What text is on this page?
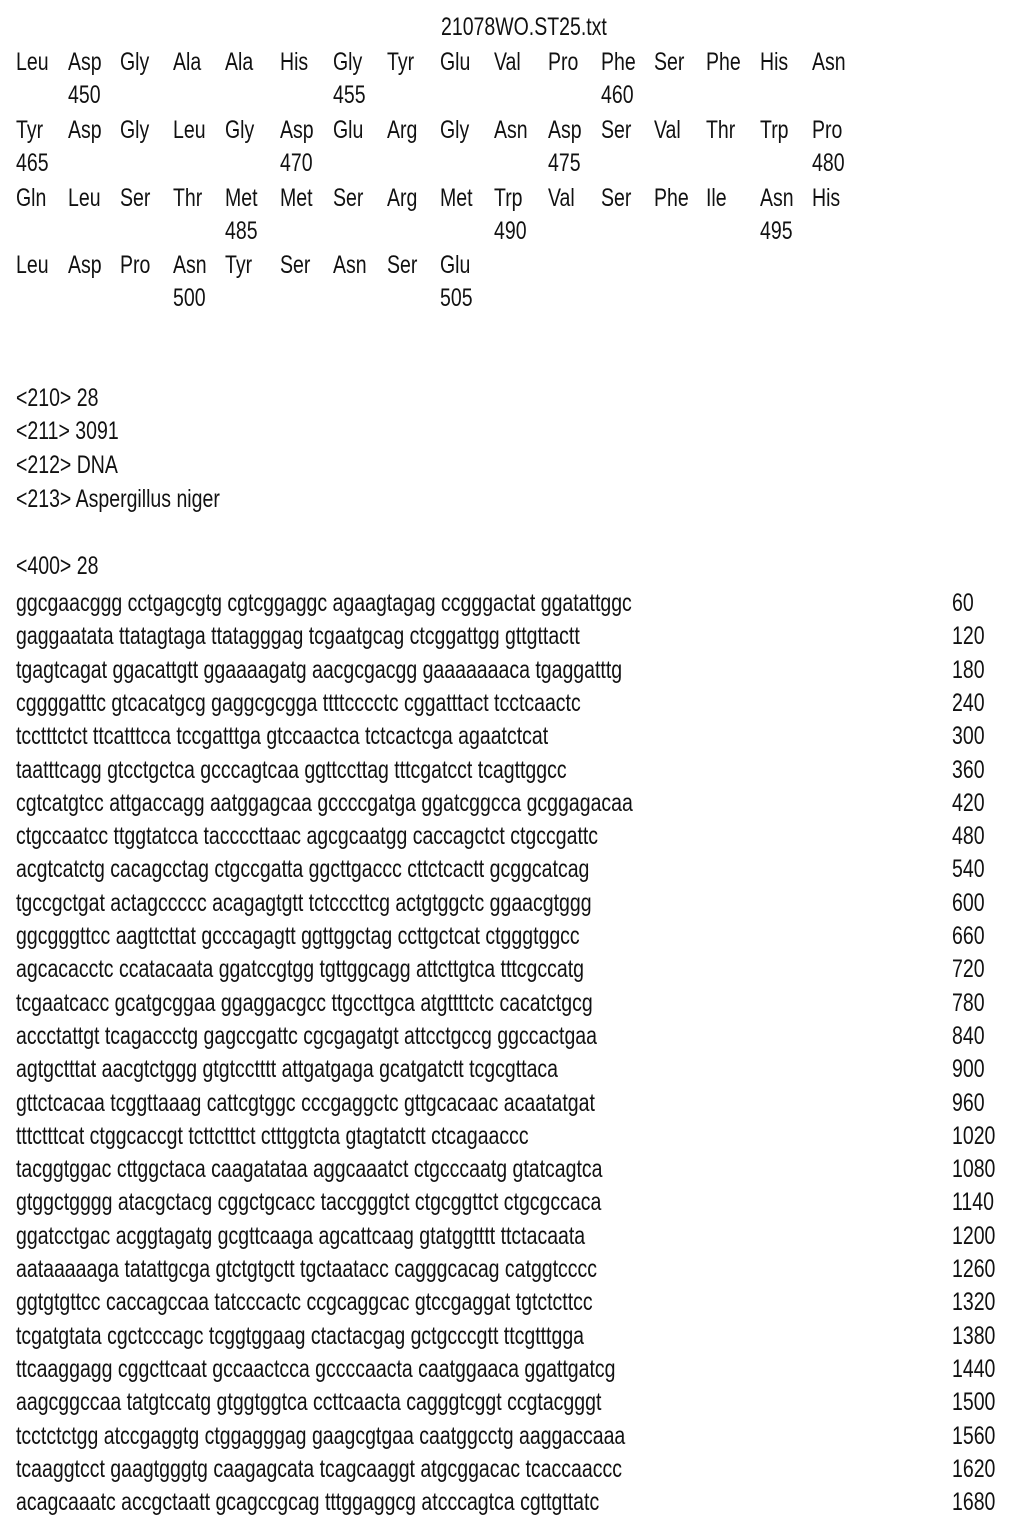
21078WO.ST25.txt
Leu Asp Gly Ala Ala His Gly Tyr Glu Val Pro Phe Ser Phe His Asn
450	455	460
Tyr Asp Gly Leu Gly Asp Glu Arg Gly Asn Asp Ser Val Thr Trp Pro
465	470	475	480
Gln Leu Ser Thr Met Met Ser Arg Met Trp Val Ser Phe Ile Asn His
485	490	495
Leu Asp Pro Asn Tyr Ser Asn Ser Glu
500	505
<210> 28
<211> 3091
<212> DNA
<213> Aspergillus niger
<400> 28
ggcgaacggg cctgagcgtg cgtcggaggc agaagtagag ccgggactat ggatattggc	60
gaggaatata ttatagtaga ttatagggag tcgaatgcag ctcggattgg gttgttactt	120
tgagtcagat ggacattgtt ggaaaagatg aacgcgacgg gaaaaaaaca tgaggatttg	180
cggggatttc gtcacatgcg gaggcgcgga ttttcccctc cggatttact tcctcaactc	240
tcctttctct ttcatttcca tccgatttga gtccaactca tctcactcga agaatctcat	300
taatttcagg gtcctgctca gcccagtcaa ggttccttag tttcgatcct tcagttggcc	360
cgtcatgtcc attgaccagg aatggagcaa gccccgatga ggatcggcca gcggagacaa	420
ctgccaatcc ttggtatcca taccccttaac agcgcaatgg caccagctct ctgccgattc	480
acgtcatctg cacagcctag ctgccgatta ggcttgaccc cttctcactt gcggcatcag	540
tgccgctgat actagccccc acagagtgtt tctcccttcg actgtggctc ggaacgtggg	600
ggcgggttcc aagttcttat gcccagagtt ggttggctag ccttgctcat ctgggtggcc	660
agcacacctc ccatacaata ggatccgtgg tgttggcagg attcttgtca tttcgccatg	720
tcgaatcacc gcatgcggaa ggaggacgcc ttgccttgca atgttttctc cacatctgcg	780
accctattgt tcagaccctg gagccgattc cgcgagatgt attcctgccg ggccactgaa	840
agtgctttat aacgtctggg gtgtcctttt attgatgaga gcatgatctt tcgcgttaca	900
gttctcacaa tcggttaaag cattcgtggc cccgaggctc gttgcacaac acaatatgat	960
tttctttcat ctggcaccgt tcttctttct ctttggtcta gtagtatctt ctcagaaccc	1020
tacggtggac cttggctaca caagatataa aggcaaatct ctgcccaatg gtatcagtca	1080
gtggctgggg atacgctacg cggctgcacc taccgggtct ctgcggttct ctgcgccaca	1140
ggatcctgac acggtagatg gcgttcaaga agcattcaag gtatggtttt ttctacaata	1200
aataaaaaga tatattgcga gtctgtgctt tgctaatacc cagggcacag catggtcccc	1260
ggtgtgttcc caccagccaa tatcccactc ccgcaggcac gtccgaggat tgtctcttcc	1320
tcgatgtata cgctcccagc tcggtggaag ctactacgag gctgcccgtt ttcgtttgga	1380
ttcaaggagg cggcttcaat gccaactcca gccccaacta caatggaaca ggattgatcg	1440
aagcggccaa tatgtccatg gtggtggtca ccttcaacta cagggtcggt ccgtacgggt	1500
tcctctctgg atccgaggtg ctggagggag gaagcgtgaa caatggcctg aaggaccaaa	1560
tcaaggtcct gaagtgggtg caagagcata tcagcaaggt atgcggacac tcaccaaccc	1620
acagcaaatc accgctaatt gcagccgcag tttggaggcg atcccagtca cgttgttatc	1680
